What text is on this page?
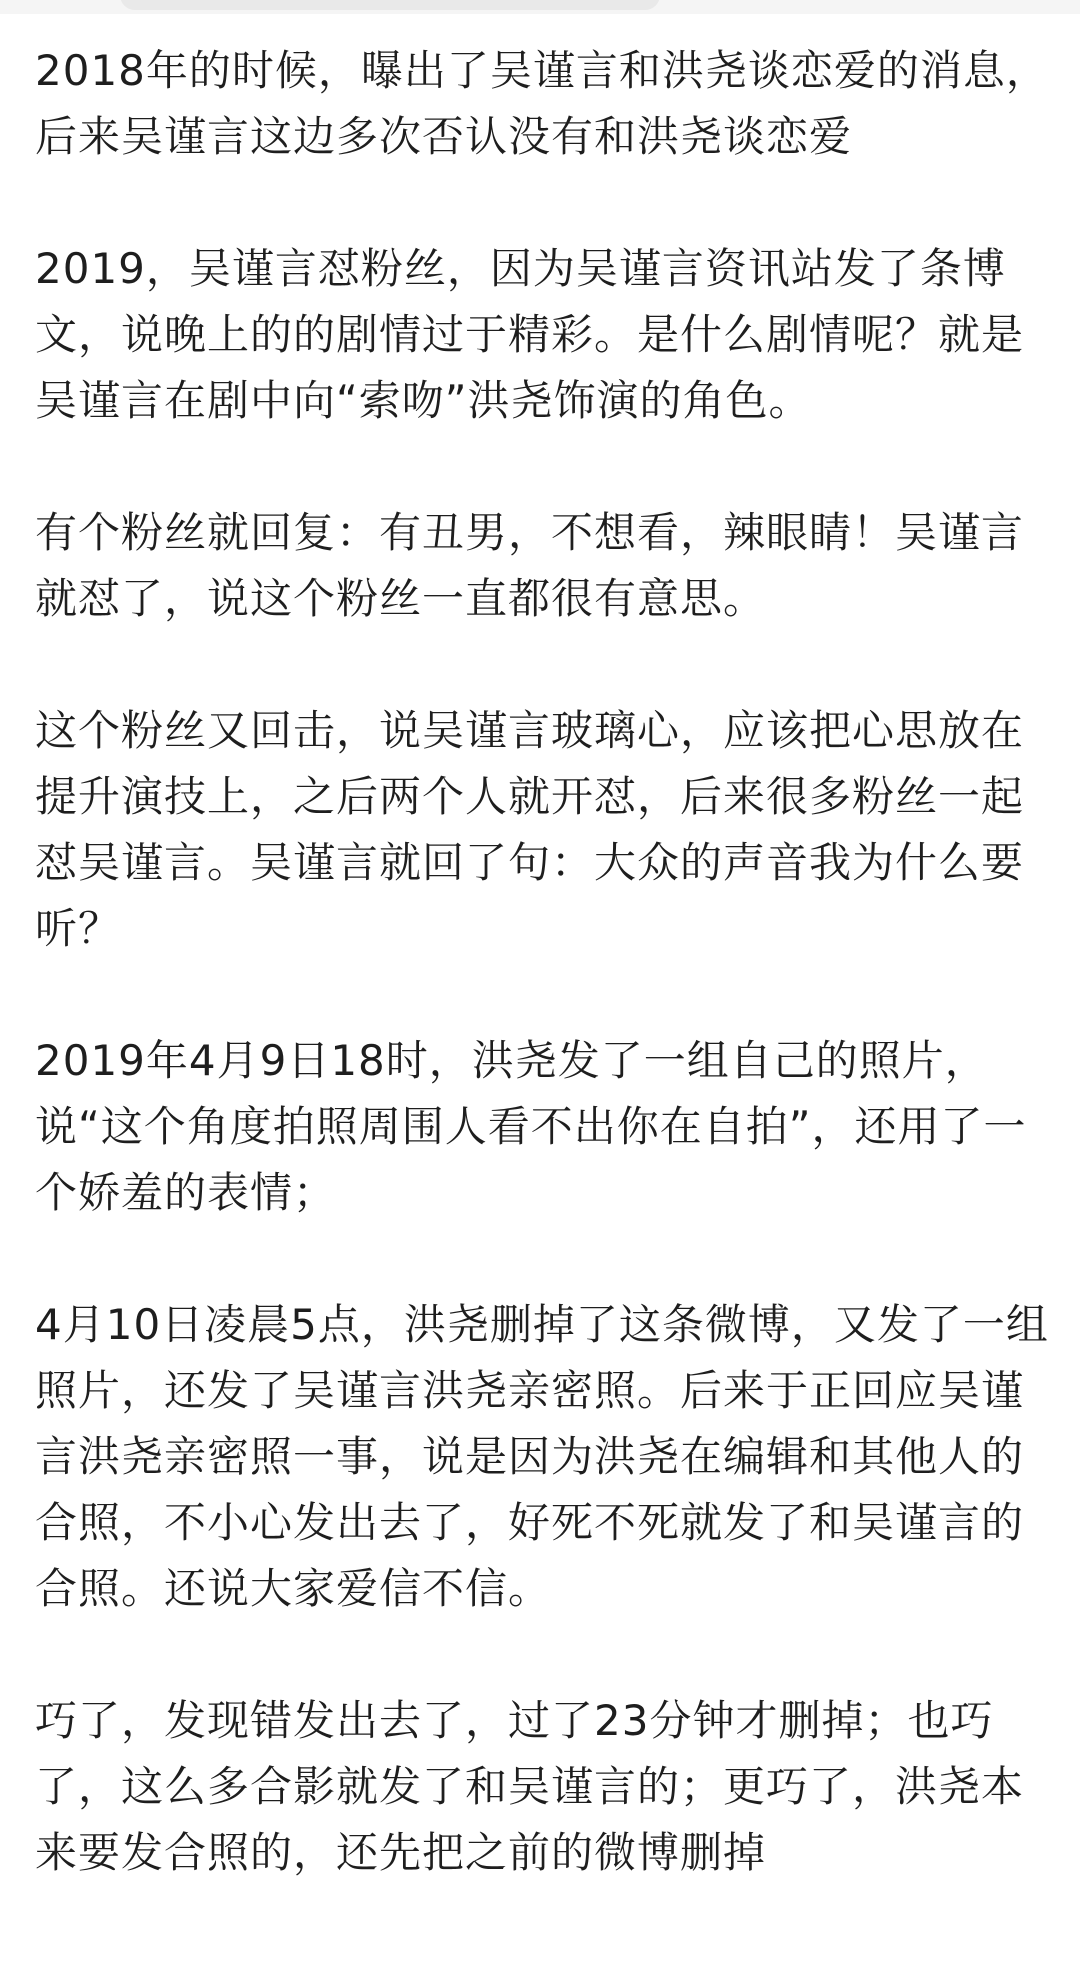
2018年的时候，曝出了吴谨言和洪尧谈恋爱的消息，后来吴谨言这边多次否认没有和洪尧谈恋爱

2019，吴谨言怼粉丝，因为吴谨言资讯站发了条博文，说晚上的的剧情过于精彩。是什么剧情呢？就是吴谨言在剧中向“索吻”洪尧饰演的角色。

有个粉丝就回复：有丑男，不想看，辣眼睛！吴谨言就怼了，说这个粉丝一直都很有意思。

这个粉丝又回击，说吴谨言玻璃心，应该把心思放在提升演技上，之后两个人就开怼，后来很多粉丝一起怼吴谨言。吴谨言就回了句：大众的声音我为什么要听？

2019年4月9日18时，洪尧发了一组自己的照片，说“这个角度拍照周围人看不出你在自拍”，还用了一个娇羞的表情；

4月10日凌晨5点，洪尧删掉了这条微博，又发了一组照片，还发了吴谨言洪尧亲密照。后来于正回应吴谨言洪尧亲密照一事，说是因为洪尧在编辑和其他人的合照，不小心发出去了，好死不死就发了和吴谨言的合照。还说大家爱信不信。

巧了，发现错发出去了，过了23分钟才删掉；也巧了，这么多合影就发了和吴谨言的；更巧了，洪尧本来要发合照的，还先把之前的微博删掉
